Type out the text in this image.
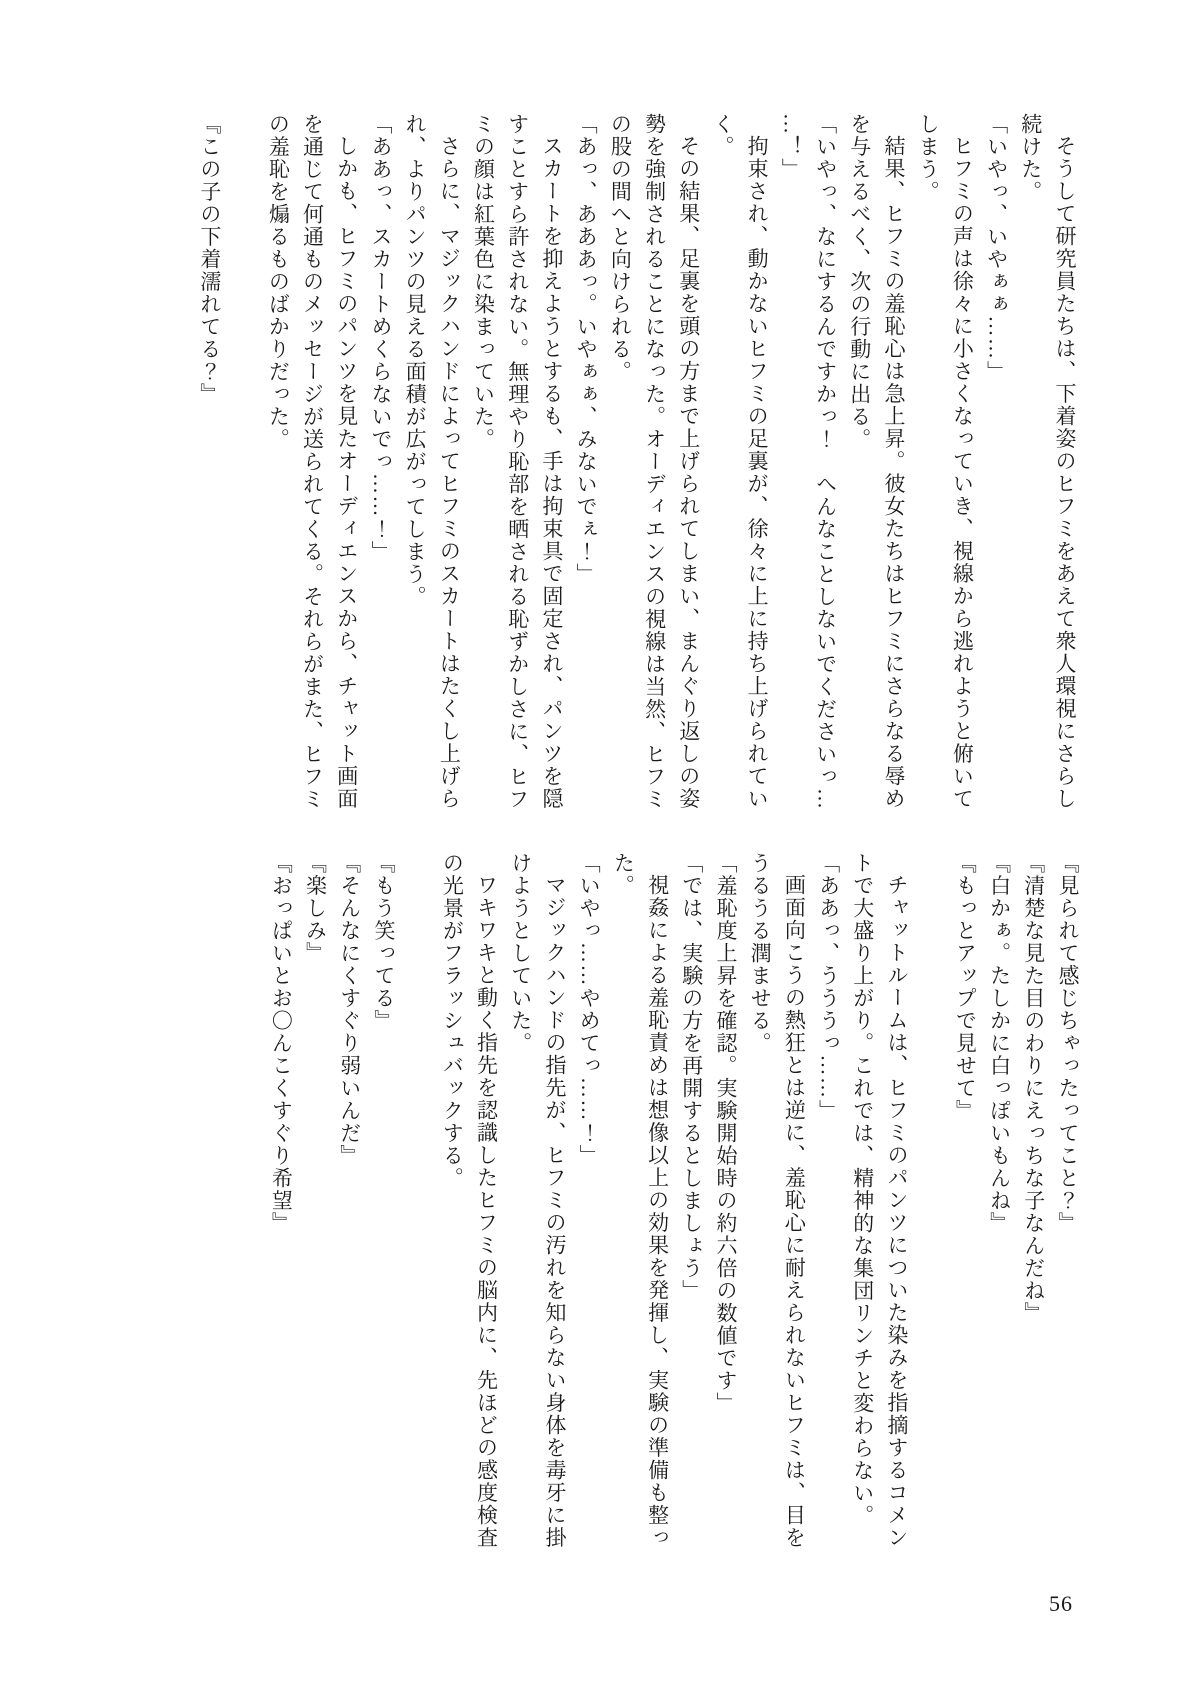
そうして研究員たちは、下着姿のヒフミをあえて衆人環視にさらし

続けた。

「いやっ、いやぁぁ……」

ヒフミの声は徐々に小さくなっていき、視線から逃れようと俯いて

しまう。

結果、ヒフミの羞恥心は急上昇。彼女たちはヒフミにさらなる辱め

を与えるべく、次の行動に出る。

「いやっ、なにするんですかっ！　へんなことしないでくださいっ…

…！」

拘束され、動かないヒフミの足裏が、徐々に上に持ち上げられてい

く。

その結果、足裏を頭の方まで上げられてしまい、まんぐり返しの姿

勢を強制されることになった。オーディエンスの視線は当然、ヒフミ

の股の間へと向けられる。

「あっ、あああっ。いやぁぁ、みないでぇ！」

スカートを抑えようとするも、手は拘束具で固定され、パンツを隠

すことすら許されない。無理やり恥部を晒される恥ずかしさに、ヒフ

ミの顔は紅葉色に染まっていた。

さらに、マジックハンドによってヒフミのスカートはたくし上げら

れ、よりパンツの見える面積が広がってしまう。

「ああっ、スカートめくらないでっ……！」

しかも、ヒフミのパンツを見たオーディエンスから、チャット画面

を通じて何通ものメッセージが送られてくる。それらがまた、ヒフミ

の羞恥を煽るものばかりだった。

『この子の下着濡れてる？』

『見られて感じちゃったってこと？』

『清楚な見た目のわりにえっちな子なんだね』

『白かぁ。たしかに白っぽいもんね』

『もっとアップで見せて』

チャットルームは、ヒフミのパンツについた染みを指摘するコメン

トで大盛り上がり。これでは、精神的な集団リンチと変わらない。

「ああっ、うううっ……」

画面向こうの熱狂とは逆に、羞恥心に耐えられないヒフミは、目を

うるうる潤ませる。

「羞恥度上昇を確認。実験開始時の約六倍の数値です」

「では、実験の方を再開するとしましょう」

視姦による羞恥責めは想像以上の効果を発揮し、実験の準備も整っ

た。

「いやっ……やめてっ……！」

マジックハンドの指先が、ヒフミの汚れを知らない身体を毒牙に掛

けようとしていた。

ワキワキと動く指先を認識したヒフミの脳内に、先ほどの感度検査

の光景がフラッシュバックする。

『もう笑ってる』

『そんなにくすぐり弱いんだ』

『楽しみ』

『おっぱいとお〇んこくすぐり希望』

56
